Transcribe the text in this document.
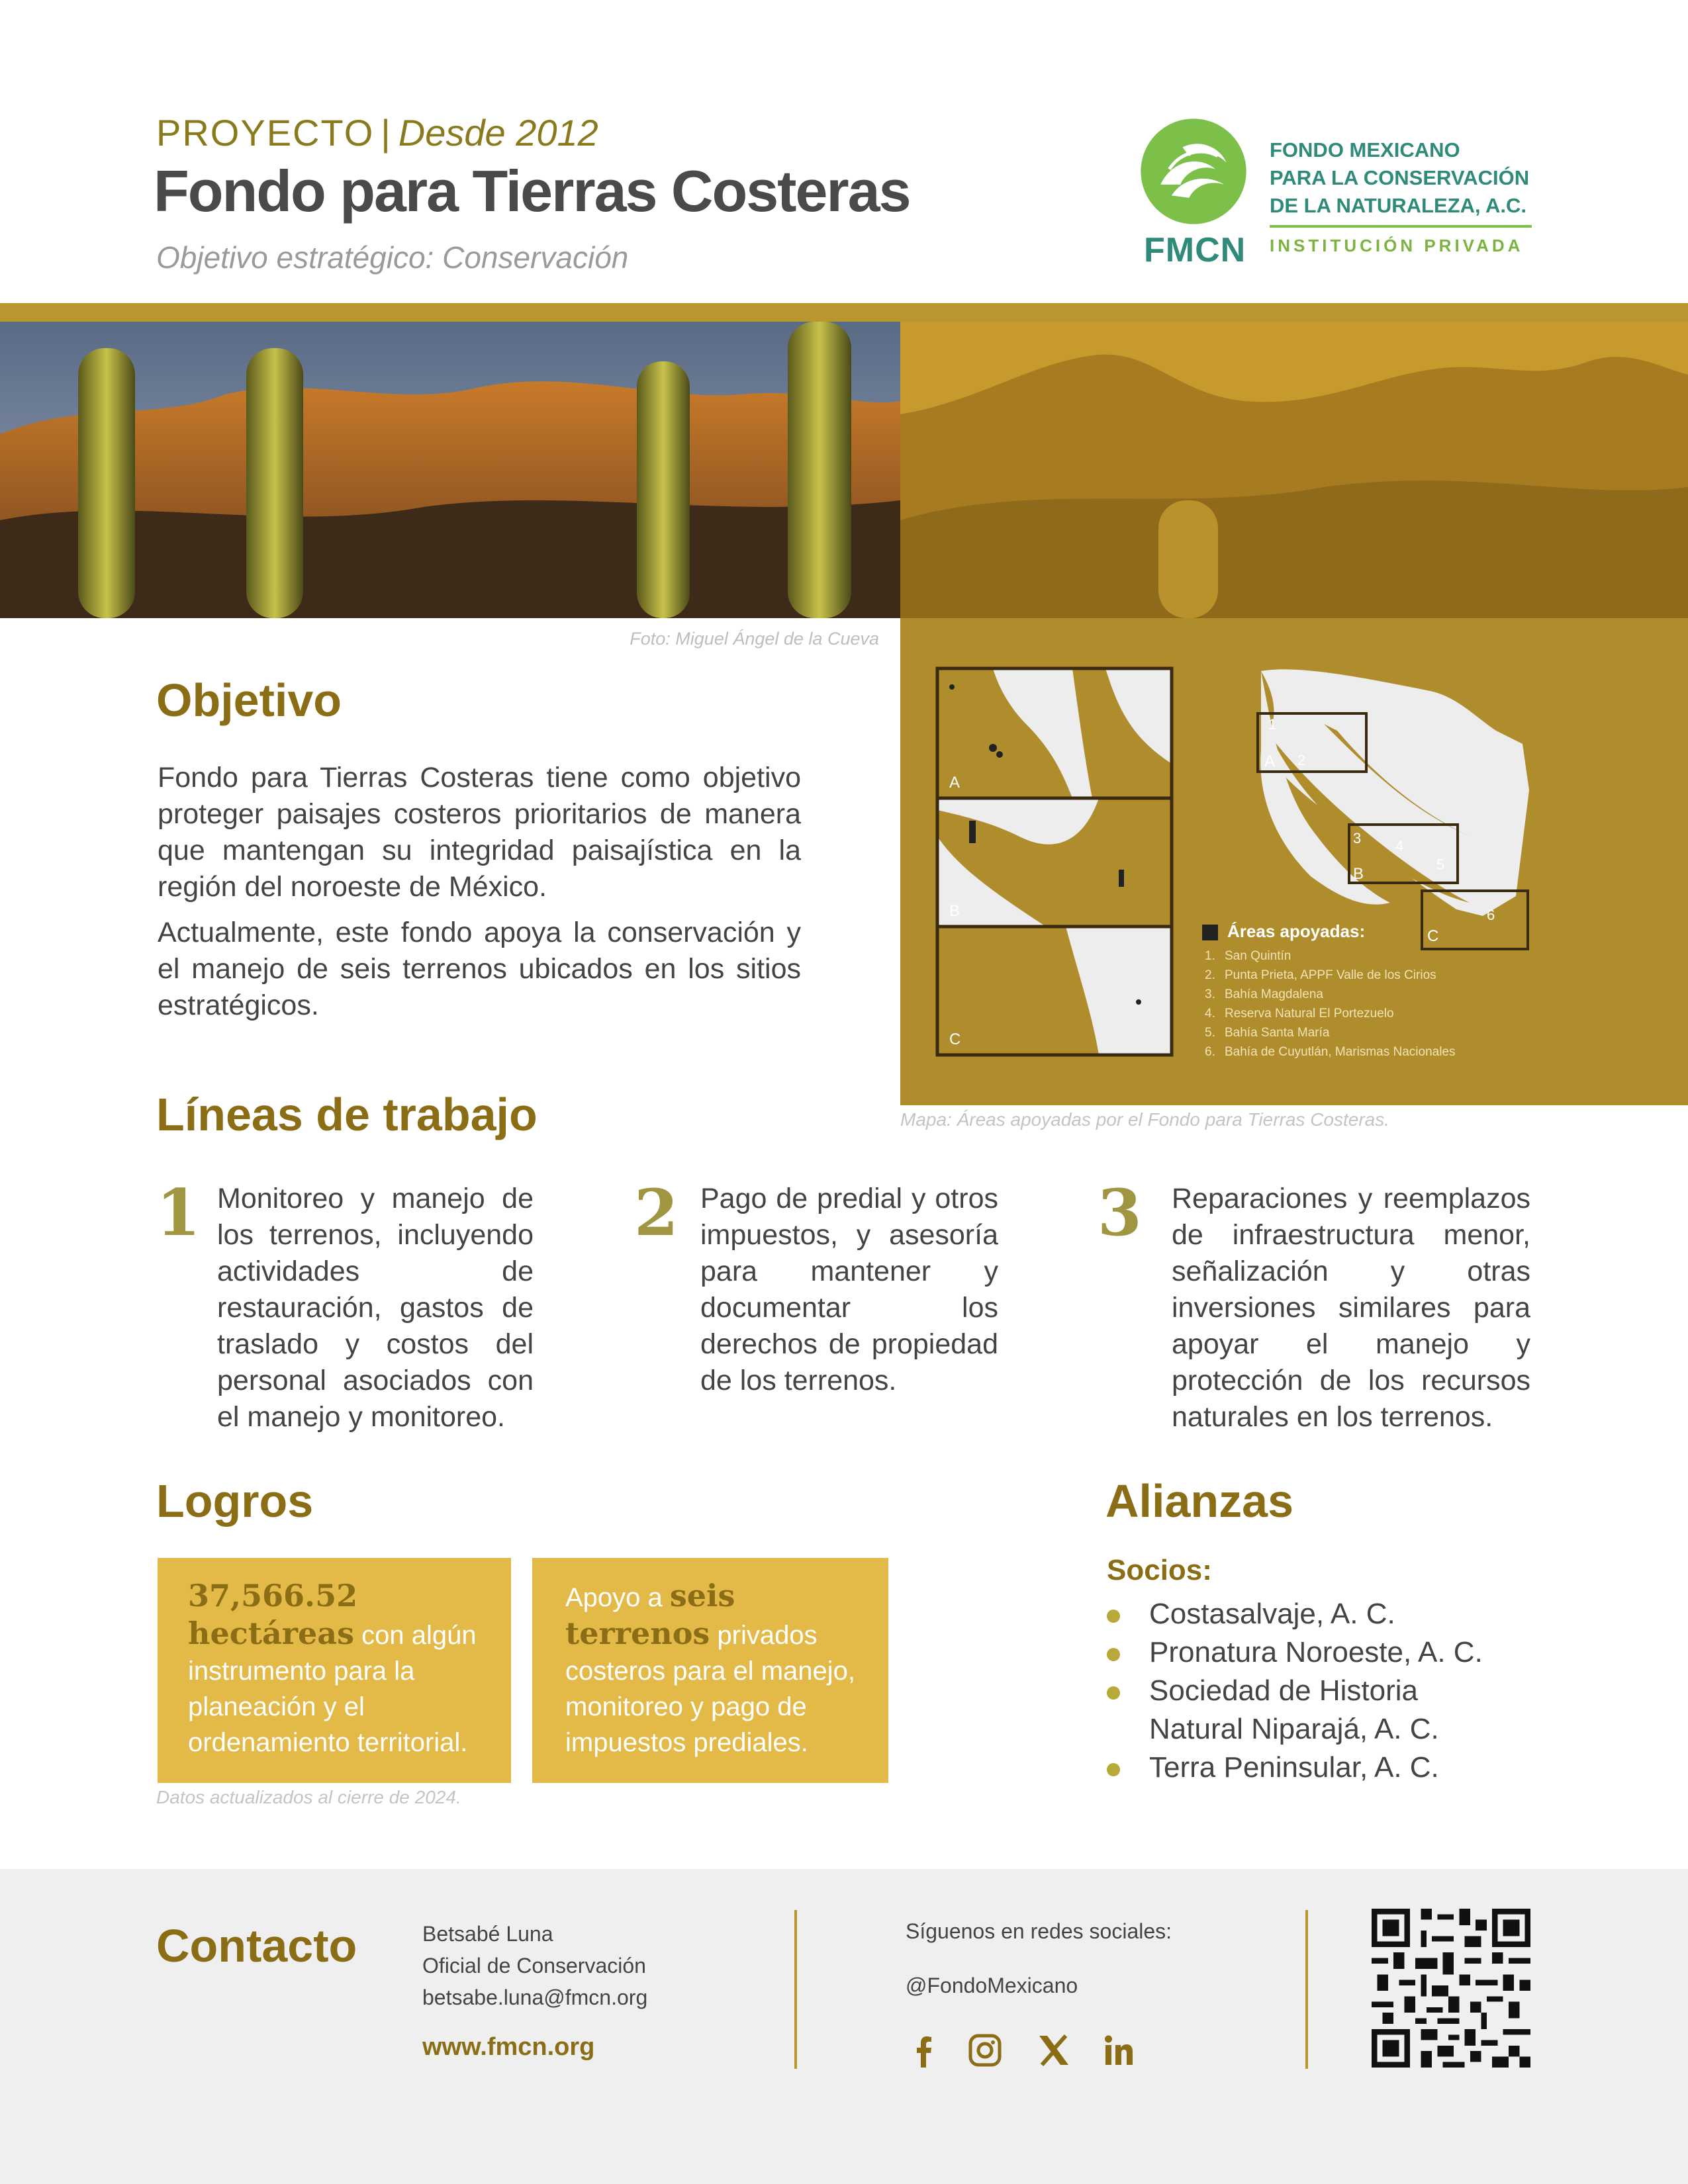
PROYECTO | Desde 2012
Fondo para Tierras Costeras
Objetivo estratégico: Conservación	FMCN
FONDO MEXICANO
PARA LA CONSERVACIÓN
DE LA NATURALEZA, A.C.
INSTITUCIÓN PRIVADA
Foto: Miguel Ángel de la Cueva
A
B
C
1
A 2
3
B
4
5
6
C
Áreas apoyadas:
1. San Quintín
2. Punta Prieta, APPF Valle de los Cirios
3. Bahía Magdalena
4. Reserva Natural El Portezuelo
5. Bahía Santa María
6. Bahía de Cuyutlán, Marismas Nacionales
Mapa: Áreas apoyadas por el Fondo para Tierras Costeras.
Objetivo

Fondo para Tierras Costeras tiene como objetivo proteger paisajes costeros prioritarios de manera que mantengan su integridad paisajística en la región del noroeste de México.

Actualmente, este fondo apoya la conservación y el manejo de seis terrenos ubicados en los sitios estratégicos.

Líneas de trabajo
1 Monitoreo y manejo de los terrenos, incluyendo actividades de restauración, gastos de traslado y costos del personal asociados con el manejo y monitoreo.
2 Pago de predial y otros impuestos, y asesoría para mantener y documentar los derechos de propiedad de los terrenos.
3 Reparaciones y reemplazos de infraestructura menor, señalización y otras inversiones similares para apoyar el manejo y protección de los recursos naturales en los terrenos.
Logros
37,566.52 hectáreas con algún instrumento para la planeación y el ordenamiento territorial.
Apoyo a seis terrenos privados costeros para el manejo, monitoreo y pago de impuestos prediales.
Datos actualizados al cierre de 2024.
Alianzas
Socios:
Costasalvaje, A. C.
Pronatura Noroeste, A. C.
Sociedad de Historia Natural Niparajá, A. C.
Terra Peninsular, A. C.
Contacto	Betsabé Luna
Oficial de Conservación
betsabe.luna@fmcn.org
www.fmcn.org
Síguenos en redes sociales:
@FondoMexicano
